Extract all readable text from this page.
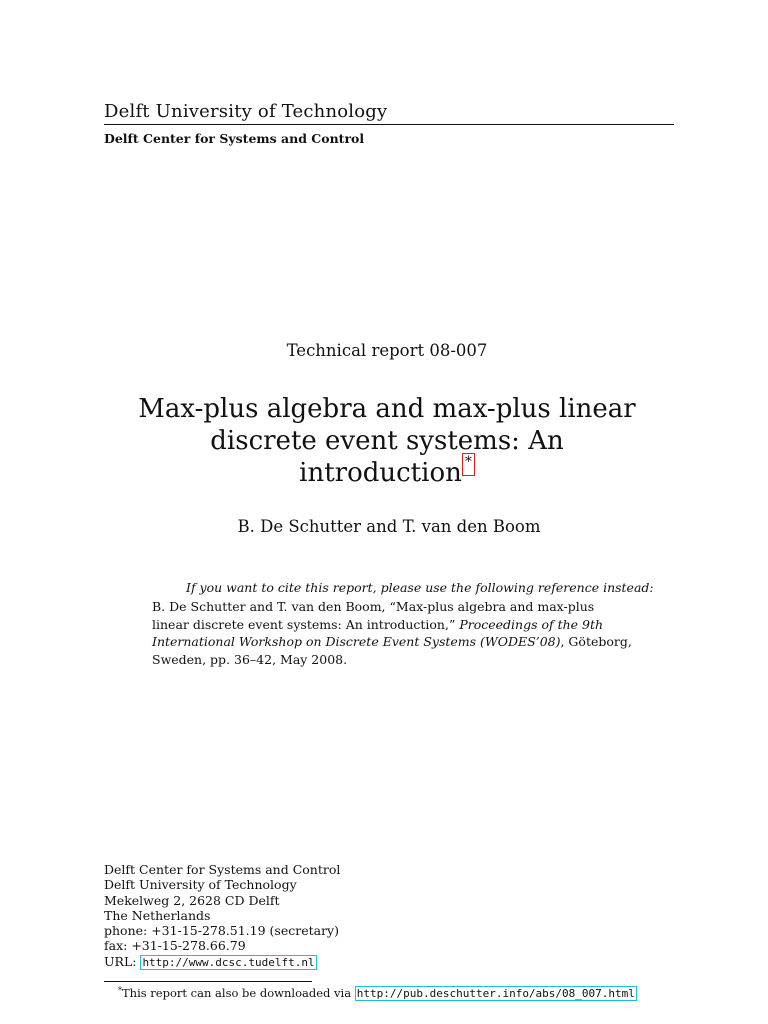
Delft University of Technology
Delft Center for Systems and Control
Technical report 08-007
Max-plus algebra and max-plus linear
discrete event systems: An
introduction *
B. De Schutter and T. van den Boom
If you want to cite this report, please use the following reference instead:
B. De Schutter and T. van den Boom, “Max-plus algebra and max-plus linear discrete event systems: An introduction,” Proceedings of the 9th International Workshop on Discrete Event Systems (WODES’08), Göteborg, Sweden, pp. 36–42, May 2008.
Delft Center for Systems and Control
Delft University of Technology
Mekelweg 2, 2628 CD Delft
The Netherlands
phone: +31-15-278.51.19 (secretary)
fax: +31-15-278.66.79
URL: http://www.dcsc.tudelft.nl
*This report can also be downloaded via http://pub.deschutter.info/abs/08_007.html
